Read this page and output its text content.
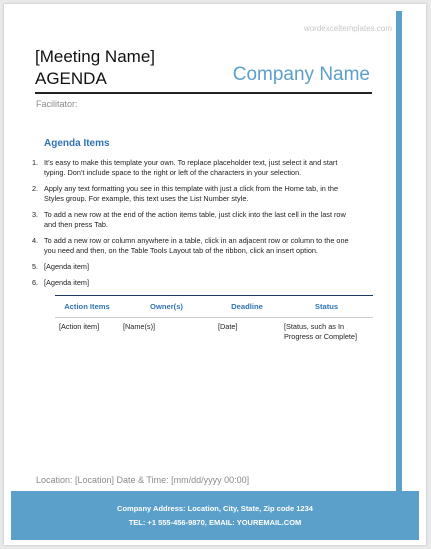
wordexceltemplates.com
[Meeting Name]
AGENDA	Company Name
Facilitator:
Agenda Items
1. It’s easy to make this template your own. To replace placeholder text, just select it and start typing. Don’t include space to the right or left of the characters in your selection.
2. Apply any text formatting you see in this template with just a click from the Home tab, in the Styles group. For example, this text uses the List Number style.
3. To add a new row at the end of the action items table, just click into the last cell in the last row and then press Tab.
4. To add a new row or column anywhere in a table, click in an adjacent row or column to the one you need and then, on the Table Tools Layout tab of the ribbon, click an insert option.
5. [Agenda item]
6. [Agenda item]
Action Items	Owner(s)	Deadline	Status
[Action item]	[Name(s)]	[Date]	[Status, such as In Progress or Complete]
Location: [Location] Date & Time: [mm/dd/yyyy 00:00]
Company Address: Location, City, State, Zip code 1234
TEL: +1 555-456-9870, EMAIL: YOUREMAIL.COM
